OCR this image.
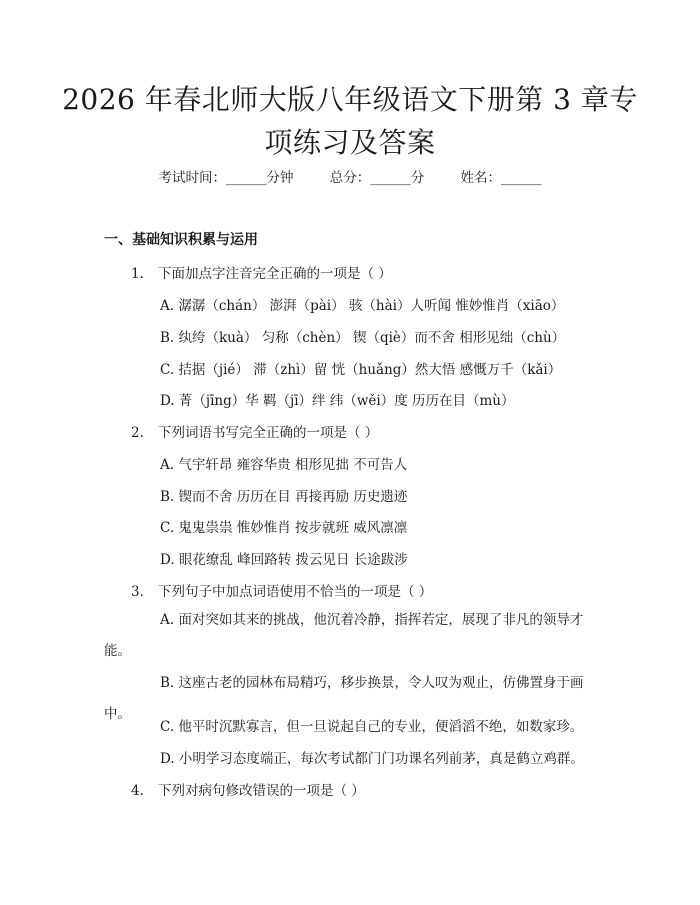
2026 年春北师大版八年级语文下册第 3 章专项练习及答案
考试时间：______分钟	总分：______分	姓名：______
一、基础知识积累与运用
1. 下面加点字注音完全正确的一项是（ ）
A. 潺潺（chán） 澎湃（pài） 骇（hài）人听闻 惟妙惟肖（xiāo）
B. 纨绔（kuà） 匀称（chèn） 锲（qiè）而不舍 相形见绌（chù）
C. 拮据（jié） 滞（zhì）留 恍（huǎng）然大悟 感慨万千（kǎi）
D. 菁（jīng）华 羁（jī）绊 纬（wěi）度 历历在目（mù）
2. 下列词语书写完全正确的一项是（ ）
A. 气宇轩昂 雍容华贵 相形见拙 不可告人
B. 锲而不舍 历历在目 再接再励 历史遗迹
C. 鬼鬼祟祟 惟妙惟肖 按步就班 威风凛凛
D. 眼花缭乱 峰回路转 拨云见日 长途跋涉
3. 下列句子中加点词语使用不恰当的一项是（ ）
A. 面对突如其来的挑战，他沉着冷静，指挥若定，展现了非凡的领导才能。
B. 这座古老的园林布局精巧，移步换景，令人叹为观止，仿佛置身于画中。
C. 他平时沉默寡言，但一旦说起自己的专业，便滔滔不绝，如数家珍。
D. 小明学习态度端正，每次考试都门门功课名列前茅，真是鹤立鸡群。
4. 下列对病句修改错误的一项是（ ）
